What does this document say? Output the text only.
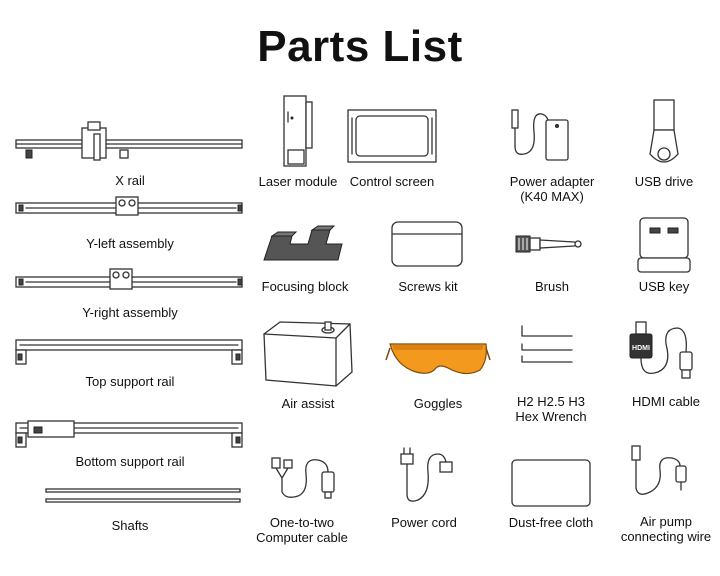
Parts List
X rail
Y-left assembly
Y-right assembly
Top support rail
Bottom support rail
Shafts
Laser module Control screen	Power adapter
(K40 MAX)
USB drive
Focusing block	Screws kit	Brush	USB key
Air assist	Goggles	H2 H2.5 H3
Hex Wrench
HDMI
HDMI cable
One-to-two
Computer cable
Power cord	Dust-free cloth	Air pump
connecting wire
